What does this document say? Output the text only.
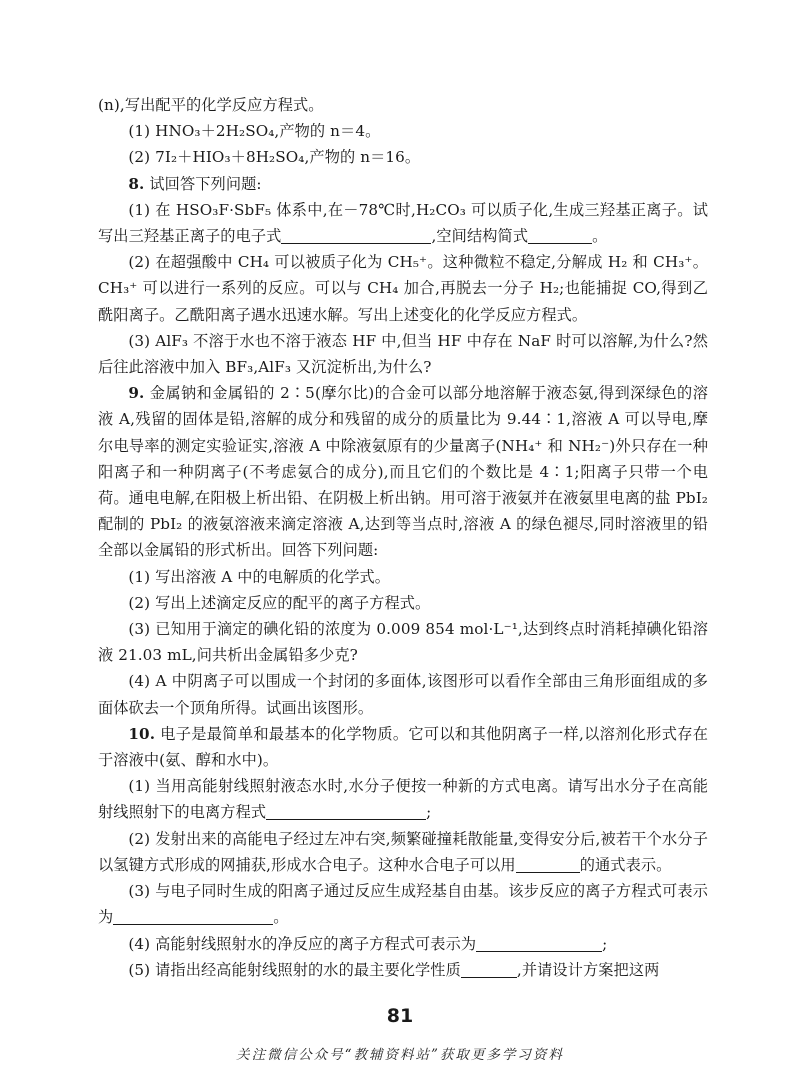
(n),写出配平的化学反应方程式。

(1) HNO₃＋2H₂SO₄,产物的 n＝4。

(2) 7I₂＋HIO₃＋8H₂SO₄,产物的 n＝16。

8. 试回答下列问题:

(1) 在 HSO₃F·SbF₅ 体系中,在－78℃时,H₂CO₃ 可以质子化,生成三羟基正离子。试写出三羟基正离子的电子式	,空间结构简式	。

(2) 在超强酸中 CH₄ 可以被质子化为 CH₅⁺。这种微粒不稳定,分解成 H₂ 和 CH₃⁺。CH₃⁺ 可以进行一系列的反应。可以与 CH₄ 加合,再脱去一分子 H₂;也能捕捉 CO,得到乙酰阳离子。乙酰阳离子遇水迅速水解。写出上述变化的化学反应方程式。

(3) AlF₃ 不溶于水也不溶于液态 HF 中,但当 HF 中存在 NaF 时可以溶解,为什么?然后往此溶液中加入 BF₃,AlF₃ 又沉淀析出,为什么?

9. 金属钠和金属铅的 2∶5(摩尔比)的合金可以部分地溶解于液态氨,得到深绿色的溶液 A,残留的固体是铅,溶解的成分和残留的成分的质量比为 9.44∶1,溶液 A 可以导电,摩尔电导率的测定实验证实,溶液 A 中除液氨原有的少量离子(NH₄⁺ 和 NH₂⁻)外只存在一种阳离子和一种阴离子(不考虑氨合的成分),而且它们的个数比是 4∶1;阳离子只带一个电荷。通电电解,在阳极上析出铅、在阴极上析出钠。用可溶于液氨并在液氨里电离的盐 PbI₂ 配制的 PbI₂ 的液氨溶液来滴定溶液 A,达到等当点时,溶液 A 的绿色褪尽,同时溶液里的铅全部以金属铅的形式析出。回答下列问题:

(1) 写出溶液 A 中的电解质的化学式。

(2) 写出上述滴定反应的配平的离子方程式。

(3) 已知用于滴定的碘化铅的浓度为 0.009 854 mol·L⁻¹,达到终点时消耗掉碘化铅溶液 21.03 mL,问共析出金属铅多少克?

(4) A 中阴离子可以围成一个封闭的多面体,该图形可以看作全部由三角形面组成的多面体砍去一个顶角所得。试画出该图形。

10. 电子是最简单和最基本的化学物质。它可以和其他阴离子一样,以溶剂化形式存在于溶液中(氨、醇和水中)。

(1) 当用高能射线照射液态水时,水分子便按一种新的方式电离。请写出水分子在高能射线照射下的电离方程式	;

(2) 发射出来的高能电子经过左冲右突,频繁碰撞耗散能量,变得安分后,被若干个水分子以氢键方式形成的网捕获,形成水合电子。这种水合电子可以用	的通式表示。

(3) 与电子同时生成的阳离子通过反应生成羟基自由基。该步反应的离子方程式可表示为	。

(4) 高能射线照射水的净反应的离子方程式可表示为	;

(5) 请指出经高能射线照射的水的最主要化学性质	,并请设计方案把这两

81
关注微信公众号“教辅资料站”获取更多学习资料
